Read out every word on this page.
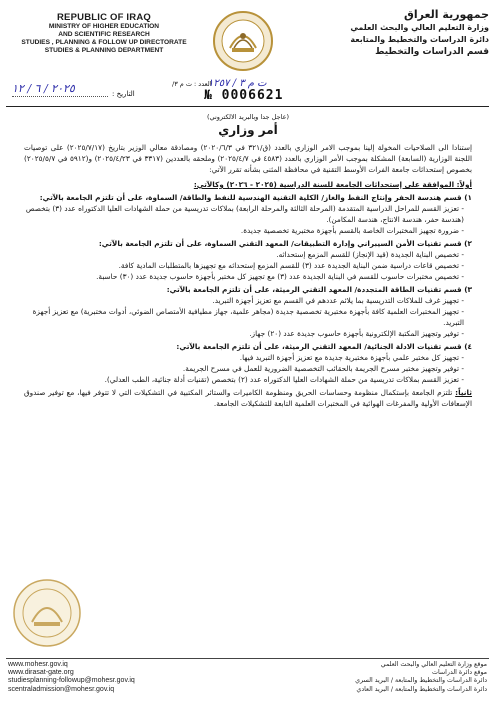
REPUBLIC OF IRAQ
MINISTRY OF HIGHER EDUCATION
AND SCIENTIFIC RESEARCH
STUDIES , PLANNING & FOLLOW UP DIRECTORATE
STUDIES & PLANNING DEPARTMENT
جمهورية العراق
وزارة التعليم العالي والبحث العلمي
دائرة الدراسات والتخطيط والمتابعة
قسم الدراسات والتخطيط
٢٠٢٥ / ٦ / ١٢	التاريخ :
العدد : ت م ٣/
ت م ٣ / ١٢٥٧
№ 0006621
(عاجل جدا وبالبريد الالكتروني)
أمر وزاري
إستنادا الى الصلاحيات المخولة إلينا بموجب الامر الوزاري بالعدد (ق/٣٢١ في ٢٠٢٠/٦/٣) ومصادقة معالي الوزير بتاريخ (٢٠٢٥/٧/١٧) على توصيات اللجنة الوزارية (السابعة) المشكلة بموجب الأمر الوزاري بالعدد (٤٥٨٣ في ٢٠٢٥/٤/٧) وملحقه بالعددين (٣٣١٧ في ٢٠٢٥/٤/٢٣) و(٥٩١٢ في ٢٠٢٥/٥/٧) بخصوص إستحداثات جامعة الفرات الأوسط التقنية في محافظة المثنى بشأنه تقرر الآتي:
أولاً: الموافقة على إستحداثات الجامعة للسنة الدراسية (٢٠٢٥ - ٢٠٢٦) وكالآتي:
١) قسم هندسة الحفر وإنتاج النفط والغاز/ الكلية التقنية الهندسية للنفط والطاقة/ السماوة، على أن تلتزم الجامعة بالآتي:
- تعزيز القسم للمراحل الدراسية المتقدمة (المرحلة الثالثة والمرحلة الرابعة) بملاكات تدريسية من حملة الشهادات العليا الدكتوراه عدد (٣) بتخصص (هندسة حفر، هندسة الانتاج، هندسة المكامن).
- ضرورة تجهيز المختبرات الخاصة بالقسم بأجهزة مختبرية تخصصية جديدة.
٢) قسم تقنيات الأمن السيبراني وإدارة التطبيقات/ المعهد التقني السماوة، على أن تلتزم الجامعة بالآتي:
- تخصيص البناية الجديدة (قيد الإنجاز) للقسم المزمع إستحداثه.
- تخصيص قاعات دراسية ضمن البناية الجديدة عدد (٣) للقسم المزمع إستحداثه مع تجهيزها بالمتطلبات المادية كافة.
- تخصيص مختبرات حاسوب للقسم في البناية الجديدة عدد (٣) مع تجهيز كل مختبر بأجهزة حاسوب جديدة عدد (٣٠) حاسبة.
٣) قسم تقنيات الطاقة المتجددة/ المعهد التقني الرميثة، على أن تلتزم الجامعة بالآتي:
- تجهيز غرف للملاكات التدريسية بما يلائم عددهم في القسم مع تعزيز أجهزة التبريد.
- تجهيز المختبرات العلمية كافة بأجهزة مختبرية تخصصية جديدة (مجاهر علمية، جهاز مطيافية الأمتصاص الضوئي، أدوات مختبرية) مع تعزيز أجهزة التبريد.
- توفير وتجهيز المكتبة الإلكترونية بأجهزة حاسوب جديدة عدد (٢٠) جهاز.
٤) قسم تقنيات الادلة الجنائية/ المعهد التقني الرميثة، على أن تلتزم الجامعة بالآتي:
- تجهيز كل مختبر علمي بأجهزة مختبرية جديدة مع تعزيز أجهزة التبريد فيها.
- توفير وتجهيز مختبر مسرح الجريمة بالحقائب التخصصية الضرورية للعمل في مسرح الجريمة.
- تعزيز القسم بملاكات تدريسية من حملة الشهادات العليا الدكتوراه عدد (٢) بتخصص (تقنيات أدلة جنائية، الطب العدلي).
ثانياً: تلتزم الجامعة بإستكمال منظومة وحساسات الحريق ومنظومة الكاميرات والستائر المكتبية في التشكيلات التي لا تتوفر فيها، مع توفير صندوق الإسعافات الأولية والمفرغات الهوائية في المختبرات العلمية التابعة للتشكيلات الجامعة.
www.mohesr.gov.iq
www.dirasat-gate.org
studiesplanning-followup@mohesr.gov.iq
scentraladmission@mohesr.gov.iq
موقع وزارة التعليم العالي والبحث العلمي
موقع دائرة الدراسات
دائرة الدراسات والتخطيط والمتابعة / البريد السري
دائرة الدراسات والتخطيط والمتابعة / البريد العادي
